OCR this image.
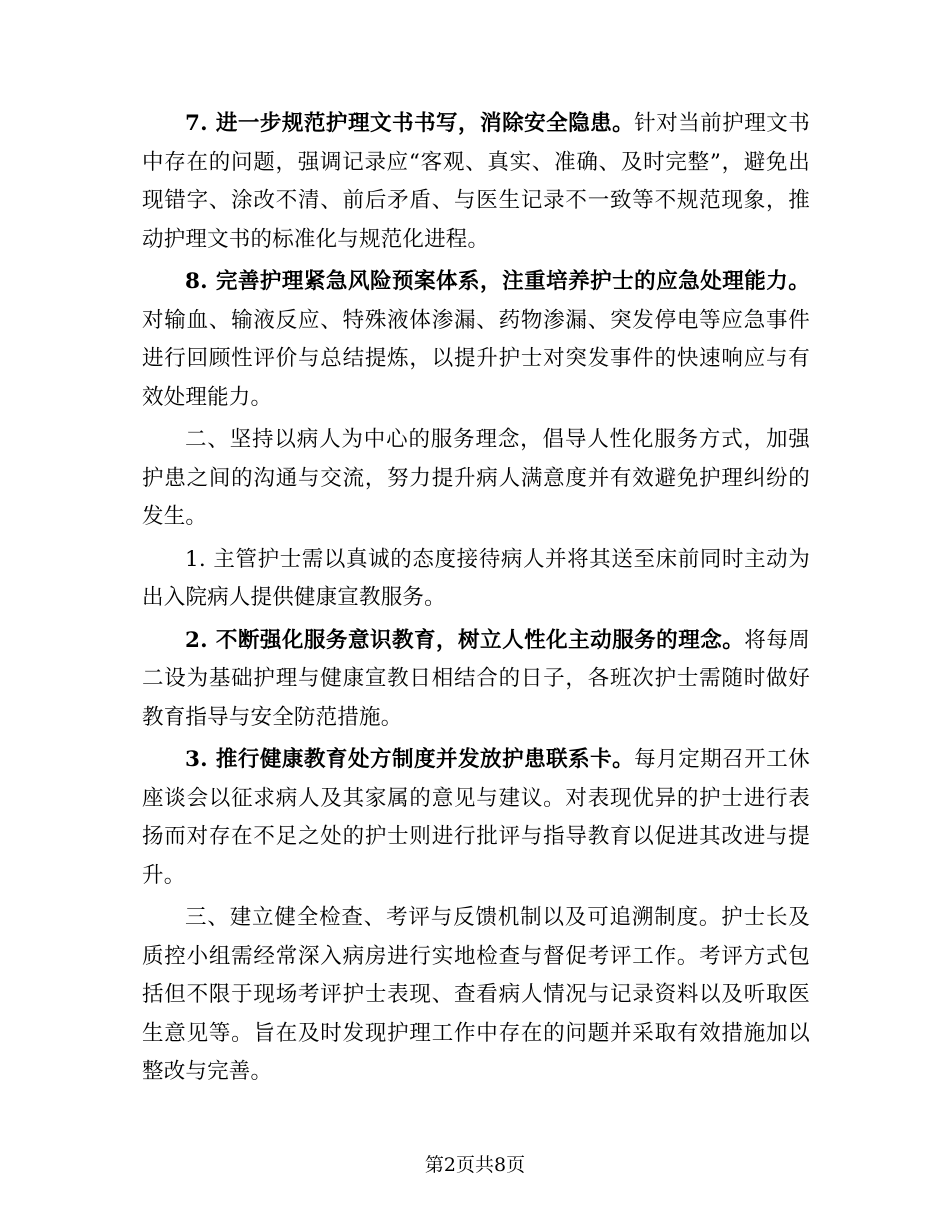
7. 进一步规范护理文书书写，消除安全隐患。针对当前护理文书中存在的问题，强调记录应“客观、真实、准确、及时完整”，避免出现错字、涂改不清、前后矛盾、与医生记录不一致等不规范现象，推动护理文书的标准化与规范化进程。

8. 完善护理紧急风险预案体系，注重培养护士的应急处理能力。对输血、输液反应、特殊液体渗漏、药物渗漏、突发停电等应急事件进行回顾性评价与总结提炼，以提升护士对突发事件的快速响应与有效处理能力。

二、坚持以病人为中心的服务理念，倡导人性化服务方式，加强护患之间的沟通与交流，努力提升病人满意度并有效避免护理纠纷的发生。

1. 主管护士需以真诚的态度接待病人并将其送至床前同时主动为出入院病人提供健康宣教服务。

2. 不断强化服务意识教育，树立人性化主动服务的理念。将每周二设为基础护理与健康宣教日相结合的日子，各班次护士需随时做好教育指导与安全防范措施。

3. 推行健康教育处方制度并发放护患联系卡。每月定期召开工休座谈会以征求病人及其家属的意见与建议。对表现优异的护士进行表扬而对存在不足之处的护士则进行批评与指导教育以促进其改进与提升。

三、建立健全检查、考评与反馈机制以及可追溯制度。护士长及质控小组需经常深入病房进行实地检查与督促考评工作。考评方式包括但不限于现场考评护士表现、查看病人情况与记录资料以及听取医生意见等。旨在及时发现护理工作中存在的问题并采取有效措施加以整改与完善。

第2页共8页
